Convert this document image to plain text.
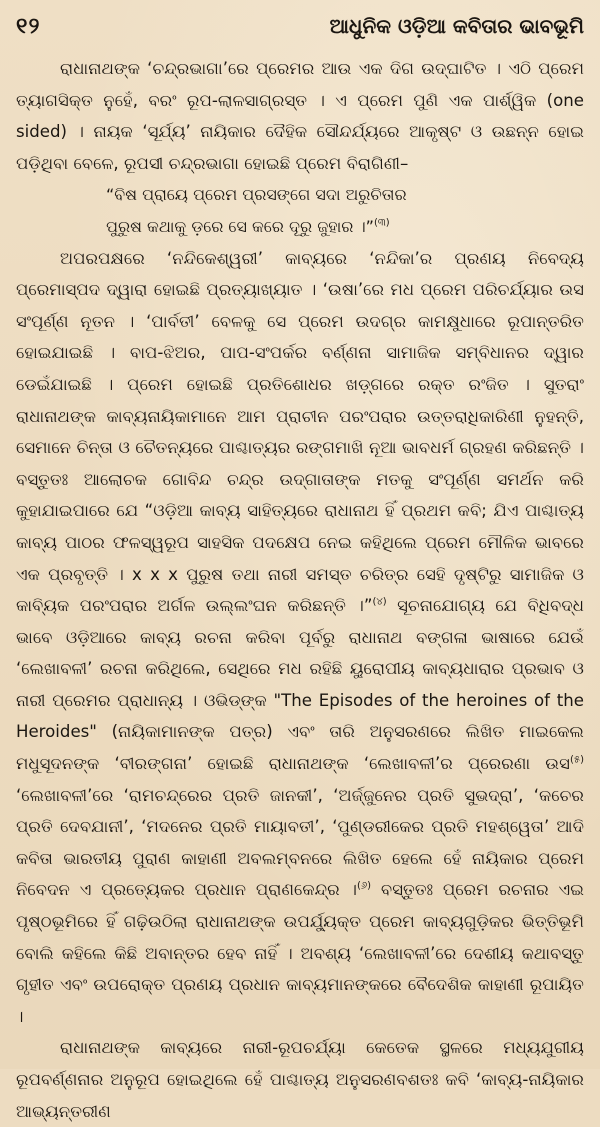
୧୨	ଆଧୁନିକ ଓଡ଼ିଆ କବିତାର ଭାବଭୂମି

ରାଧାନାଥଙ୍କ ‘ଚନ୍ଦ୍ରଭାଗା’ରେ ପ୍ରେମର ଆଉ ଏକ ଦିଗ ଉଦ୍‌ଘାଟିତ । ଏଠି ପ୍ରେମ ତ୍ୟାଗସିକ୍ତ ନୁହେଁ, ବରଂ ରୂପ-ଲାଳସାଗ୍ରସ୍ତ । ଏ ପ୍ରେମ ପୁଣି ଏକ ପାର୍ଶ୍ୱିକ (one sided) । ନାୟକ ‘ସୂର୍ଯ୍ୟ’ ନାୟିକାର ଦୈହିକ ସୌନ୍ଦର୍ଯ୍ୟରେ ଆକୃଷ୍ଟ ଓ ଉଛନ୍ନ ହୋଇ ପଡ଼ିଥିବା ବେଳେ, ରୂପସୀ ଚନ୍ଦ୍ରଭାଗା ହୋଇଛି ପ୍ରେମ ବିରାଗିଣୀ–

“ବିଷ ପ୍ରାୟେ ପ୍ରେମ ପ୍ରସଙ୍ଗେ ସଦା ଅରୁଚିତାର
ପୁରୁଷ କଥାକୁ ଡ଼ରେ ସେ କରେ ଦୂରୁ ଜୁହାର ।”$^{(୩)}$

ଅପରପକ୍ଷରେ ‘ନନ୍ଦିକେଶ୍ୱରୀ’ କାବ୍ୟରେ ‘ନନ୍ଦିକା’ର ପ୍ରଣୟ ନିବେଦ୍ୟ ପ୍ରେମାସ୍ପଦ ଦ୍ୱାରା ହୋଇଛି ପ୍ରତ୍ୟାଖ୍ୟାତ । ‘ଉଷା’ରେ ମଧ ପ୍ରେମ ପରିଚର୍ଯ୍ୟାର ଉସ ସଂପୂର୍ଣ୍ଣ ନୂତନ । ‘ପାର୍ବତୀ’ ବେଳକୁ ସେ ପ୍ରେମ ଉଦଗ୍ର କାମକ୍ଷୁଧାରେ ରୂପାନ୍ତରିତ ହୋଇଯାଇଛି । ବାପ-ଝିଅର, ପାପ-ସଂପର୍କର ବର୍ଣ୍ଣନା ସାମାଜିକ ସମ୍ବିଧାନର ଦ୍ୱାର ଡେଇଁଯାଇଛି । ପ୍ରେମ ହୋଇଛି ପ୍ରତିଶୋଧର ଖଡ଼୍‌ଗରେ ରକ୍ତ ରଂଜିତ । ସୁତରାଂ ରାଧାନାଥଙ୍କ କାବ୍ୟନାୟିକାମାନେ ଆମ ପ୍ରାଚୀନ ପରଂପରାର ଉତ୍ତରାଧିକାରିଣୀ ନୁହନ୍ତି, ସେମାନେ ଚିନ୍ତା ଓ ଚୈତନ୍ୟରେ ପାଶ୍ଚାତ୍ୟର ରଙ୍ଗମାଖି ନୂଆ ଭାବଧର୍ମ ଗ୍ରହଣ କରିଛନ୍ତି । ବସ୍ତୁତଃ ଆଲୋଚକ ଗୋବିନ୍ଦ ଚନ୍ଦ୍ର ଉଦ୍‌ଗାତାଙ୍କ ମତକୁ ସଂପୂର୍ଣ୍ଣ ସମର୍ଥନ କରି କୁହାଯାଇପାରେ ଯେ “ଓଡ଼ିଆ କାବ୍ୟ ସାହିତ୍ୟରେ ରାଧାନାଥ ହିଁ ପ୍ରଥମ କବି; ଯିଏ ପାଶ୍ଚାତ୍ୟ କାବ୍ୟ ପାଠର ଫଳସ୍ୱରୂପ ସାହସିକ ପଦକ୍ଷେପ ନେଇ କହିଥିଲେ ପ୍ରେମ ମୌଳିକ ଭାବରେ ଏକ ପ୍ରବୃତ୍ତି । x x x ପୁରୁଷ ତଥା ନାରୀ ସମସ୍ତ ଚରିତ୍ର ସେହି ଦୃଷ୍ଟିରୁ ସାମାଜିକ ଓ କାବ୍ୟିକ ପରଂପରାର ଅର୍ଗଳ ଉଲ୍ଲଂଘନ କରିଛନ୍ତି ।”$^{(୪)}$ ସୂଚନାଯୋଗ୍ୟ ଯେ ବିଧିବଦ୍ଧ ଭାବେ ଓଡ଼ିଆରେ କାବ୍ୟ ରଚନା କରିବା ପୂର୍ବରୁ ରାଧାନାଥ ବଙ୍ଗଳା ଭାଷାରେ ଯେଉଁ ‘ଲେଖାବଳୀ’ ରଚନା କରିଥିଲେ, ସେଥିରେ ମଧ ରହିଛି ୟୁରୋପୀୟ କାବ୍ୟଧାରାର ପ୍ରଭାବ ଓ ନାରୀ ପ୍ରେମର ପ୍ରାଧାନ୍ୟ । ଓଭିଡ୍‌ଙ୍କ "The Episodes of the heroines of the Heroides" (ନାୟିକାମାନଙ୍କ ପତ୍ର) ଏବଂ ତାରି ଅନୁସରଣରେ ଲିଖିତ ମାଇକେଲ ମଧୁସୂଦନଙ୍କ ‘ବୀରଙ୍ଗନା’ ହୋଇଛି ରାଧାନାଥଙ୍କ ‘ଲେଖାବଳୀ’ର ପ୍ରେରଣା ଉସ$^{(୫)}$ ‘ଲେଖାବଳୀ’ରେ ‘ରାମଚନ୍ଦ୍ରେର ପ୍ରତି ଜାନକୀ’, ‘ଅର୍ଜ୍ଜୁନେର ପ୍ରତି ସୁଭଦ୍ରା’, ‘କଚେର ପ୍ରତି ଦେବଯାନୀ’, ‘ମଦନେର ପ୍ରତି ମାୟାବତୀ’, ‘ପୁଣ୍ଡରୀକେର ପ୍ରତି ମହଶ୍ୱେତା’ ଆଦି କବିତା ଭାରତୀୟ ପୁରାଣ କାହାଣୀ ଅବଲମ୍ବନରେ ଲିଖିତ ହେଲେ ହେଁ ନାୟିକାର ପ୍ରେମ ନିବେଦନ ଏ ପ୍ରତ୍ୟେକର ପ୍ରଧାନ ପ୍ରାଣକେନ୍ଦ୍ର ।$^{(୬)}$ ବସ୍ତୁତଃ ପ୍ରେମ ରଚନାର ଏଇ ପୃଷ୍ଠଭୂମିରେ ହିଁ ଗଢ଼ିଉଠିଲା ରାଧାନାଥଙ୍କ ଉପର୍ଯ୍ୟୁକ୍ତ ପ୍ରେମ କାବ୍ୟଗୁଡ଼ିକର ଭିତ୍ତିଭୂମି ବୋଲି କହିଲେ କିଛି ଅବାନ୍ତର ହେବ ନାହିଁ । ଅବଶ୍ୟ ‘ଲେଖାବଳୀ’ରେ ଦେଶୀୟ କଥାବସ୍ତୁ ଗୃହୀତ ଏବଂ ଉପରୋକ୍ତ ପ୍ରଣୟ ପ୍ରଧାନ କାବ୍ୟମାନଙ୍କରେ ବୈଦେଶିକ କାହାଣୀ ରୂପାୟିତ ।

ରାଧାନାଥଙ୍କ କାବ୍ୟରେ ନାରୀ-ରୂପଚର୍ଯ୍ୟା କେତେକ ସ୍ଥଳରେ ମଧ୍ୟଯୁଗୀୟ ରୂପବର୍ଣ୍ଣନାର ଅନୁରୂପ ହୋଇଥିଲେ ହେଁ ପାଶ୍ଚାତ୍ୟ ଅନୁସରଣବଶତଃ କବି ‘କାବ୍ୟ-ନାୟିକାର ଆଭ୍ୟନ୍ତରୀଣ
